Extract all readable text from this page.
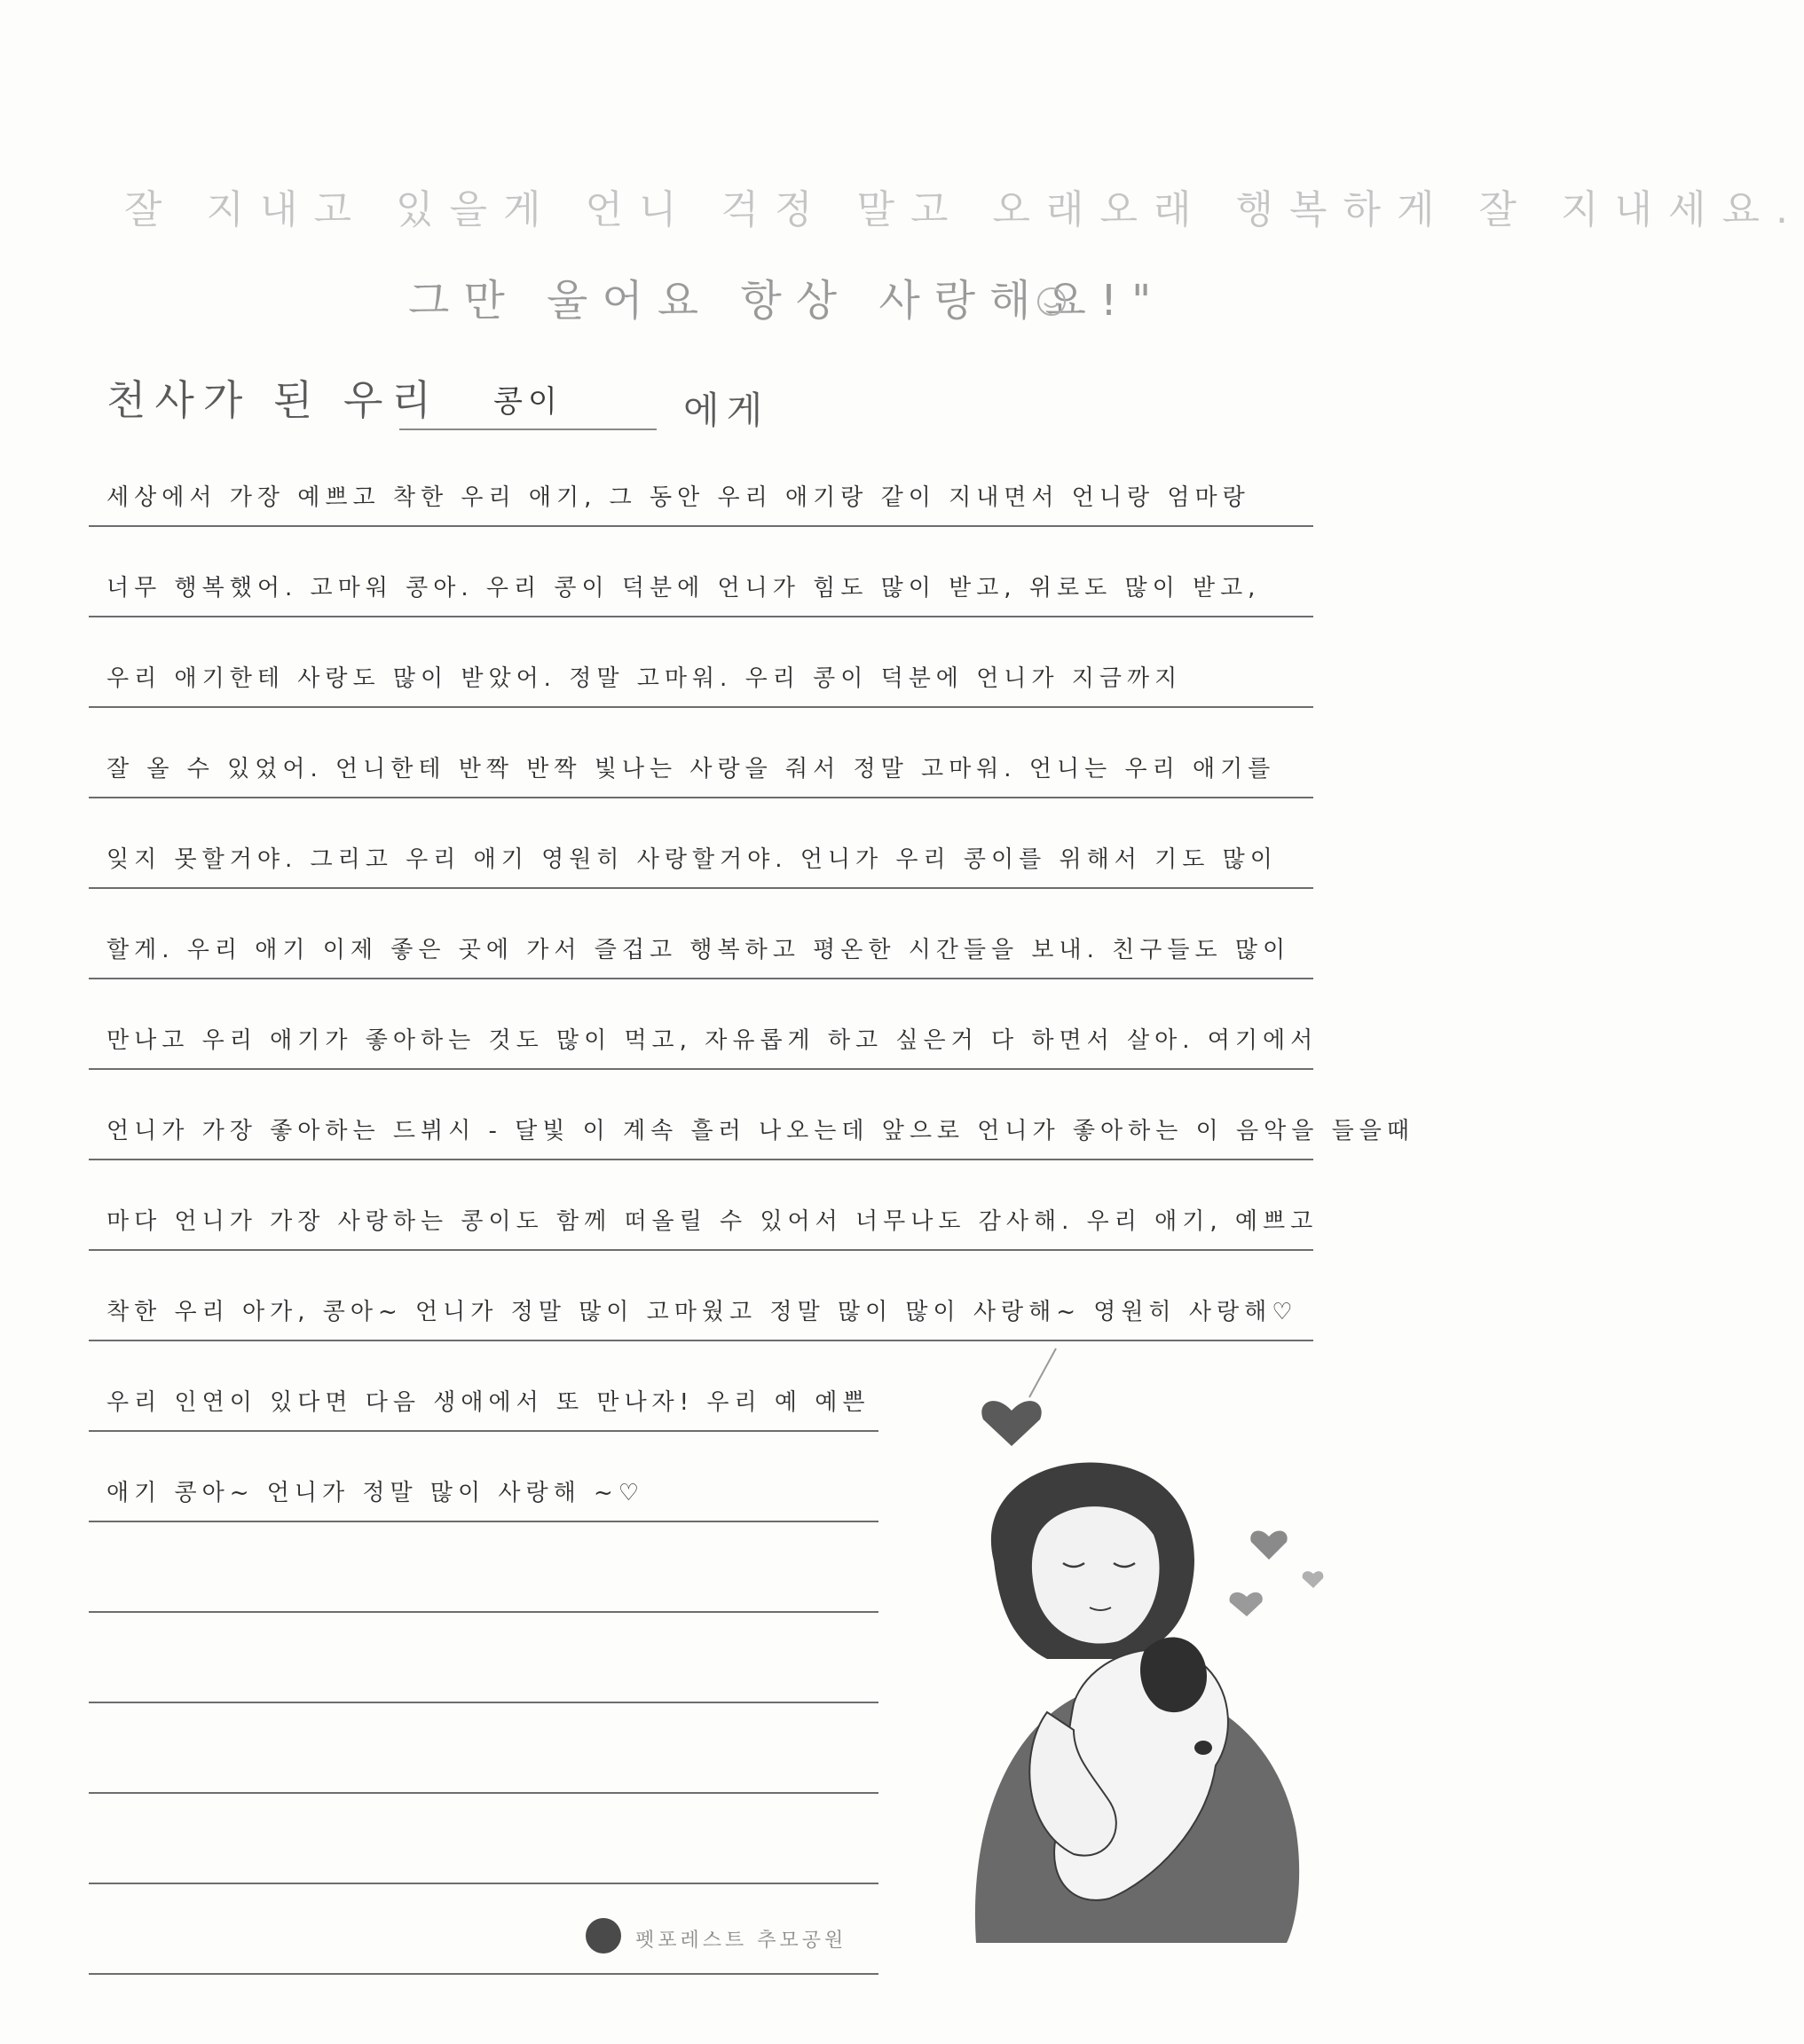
잘 지내고 있을게 언니 걱정 말고 오래오래 행복하게 잘 지내세요.
그만 울어요 항상 사랑해요!"
천사가 된 우리	콩이	에게
세상에서 가장 예쁘고 착한 우리 애기, 그 동안 우리 애기랑 같이 지내면서 언니랑 엄마랑
너무 행복했어. 고마워 콩아. 우리 콩이 덕분에 언니가 힘도 많이 받고, 위로도 많이 받고,
우리 애기한테 사랑도 많이 받았어. 정말 고마워. 우리 콩이 덕분에 언니가 지금까지
잘 올 수 있었어. 언니한테 반짝 반짝 빛나는 사랑을 줘서 정말 고마워. 언니는 우리 애기를
잊지 못할거야. 그리고 우리 애기 영원히 사랑할거야. 언니가 우리 콩이를 위해서 기도 많이
할게. 우리 애기 이제 좋은 곳에 가서 즐겁고 행복하고 평온한 시간들을 보내. 친구들도 많이
만나고 우리 애기가 좋아하는 것도 많이 먹고, 자유롭게 하고 싶은거 다 하면서 살아. 여기에서
언니가 가장 좋아하는 드뷔시 - 달빛 이 계속 흘러 나오는데 앞으로 언니가 좋아하는 이 음악을 들을때
마다 언니가 가장 사랑하는 콩이도 함께 떠올릴 수 있어서 너무나도 감사해. 우리 애기, 예쁘고
착한 우리 아가, 콩아~ 언니가 정말 많이 고마웠고 정말 많이 많이 사랑해~ 영원히 사랑해♡
우리 인연이 있다면 다음 생애에서 또 만나자! 우리 예 예쁜
애기 콩아~ 언니가 정말 많이 사랑해 ~♡
펫포레스트 추모공원
